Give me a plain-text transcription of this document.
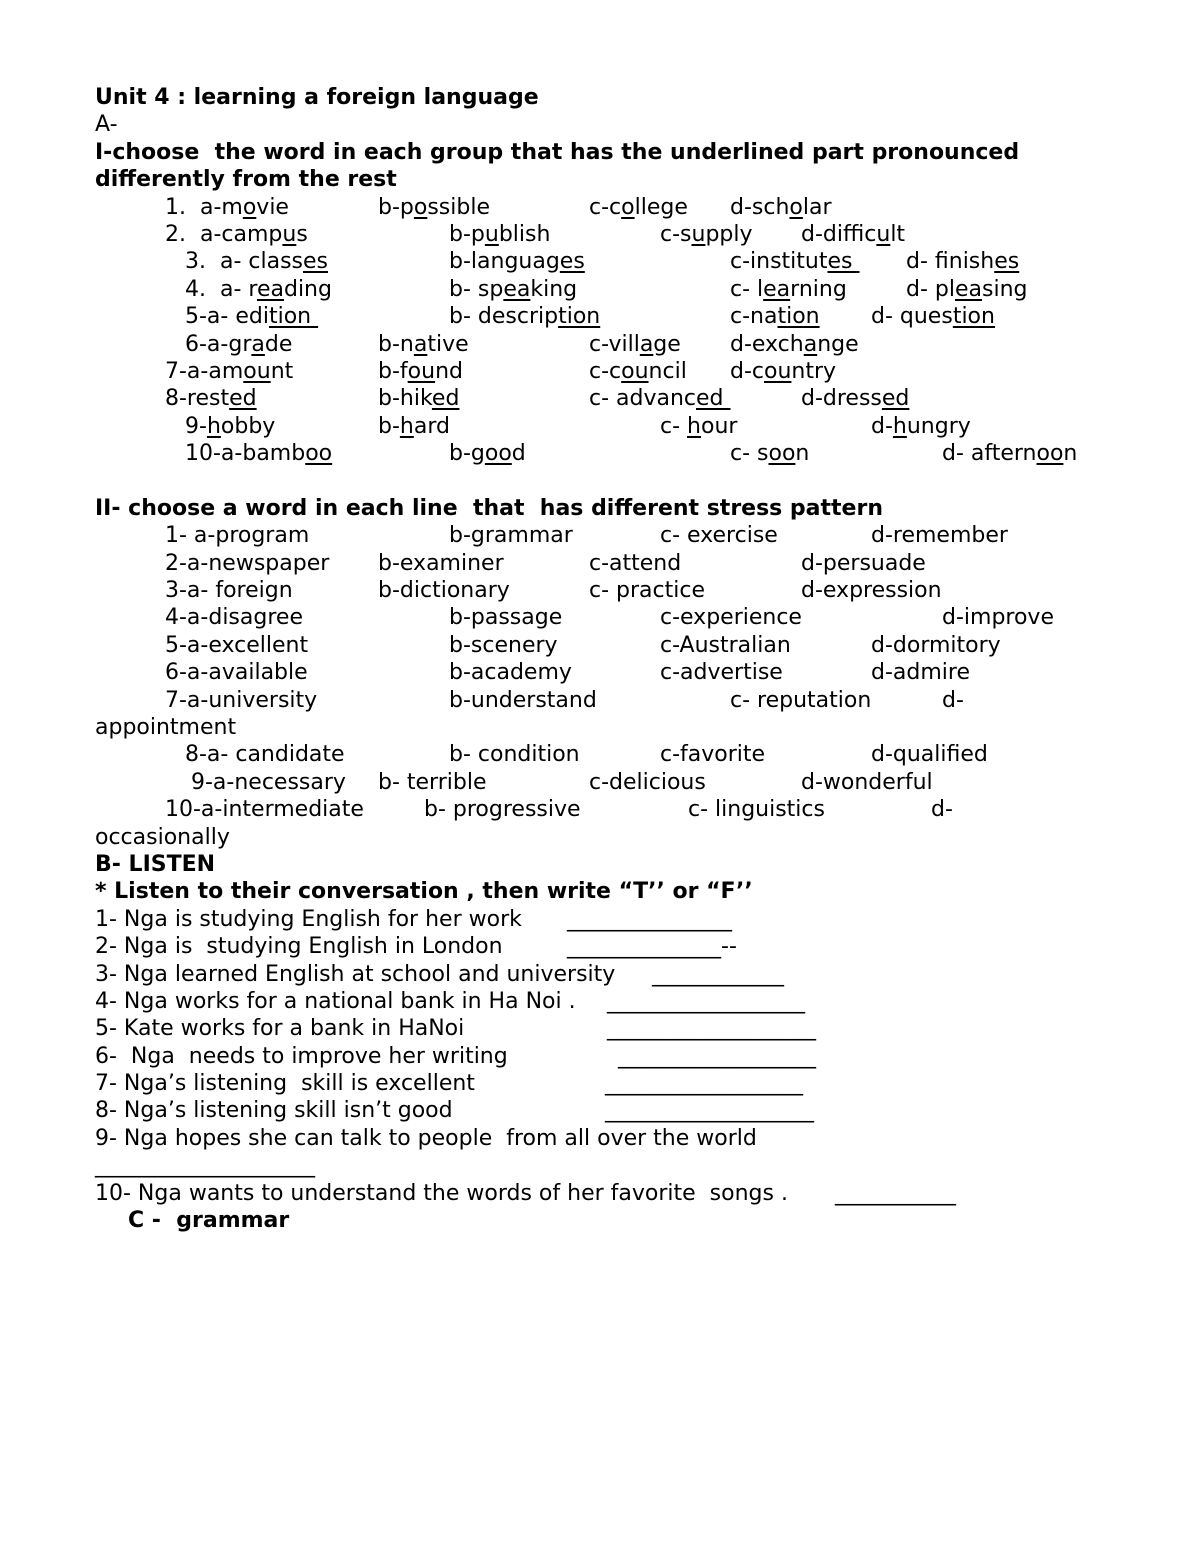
Unit 4 : learning a foreign language
A-
I-choose  the word in each group that has the underlined part pronounced
differently from the rest
1.  a-movie	b-possible	c-college d-scholar
2.  a-campus	b-publish	c-supply d-difficult
3.  a- classes	b-languages	c-institutes d- finishes
4.  a- reading	b- speaking	c- learning	d- pleasing
5-a- edition	b- description	c-nation d- question
6-a-grade	b-native	c-village d-exchange
7-a-amount	b-found	c-council d-country
8-rested	b-hiked	c- advanced	d-dressed
9-hobby	b-hard	c- hour	d-hungry
10-a-bamboo	b-good	c- soon	d- afternoon
II- choose a word in each line  that  has different stress pattern
1- a-program	b-grammar	c- exercise	d-remember
2-a-newspaper b-examiner	c-attend	d-persuade
3-a- foreign	b-dictionary	c- practice	d-expression
4-a-disagree	b-passage	c-experience	d-improve
5-a-excellent	b-scenery	c-Australian	d-dormitory
6-a-available	b-academy	c-advertise	d-admire
7-a-university	b-understand	c- reputation	d-
appointment
8-a- candidate	b- condition	c-favorite	d-qualified
9-a-necessary b- terrible	c-delicious	d-wonderful
10-a-intermediate	b- progressive	c- linguistics	d-
occasionally
B- LISTEN
* Listen to their conversation , then write “T’’ or “F’’
1- Nga is studying English for her work _______________
2- Nga is  studying English in London	______________--
3- Nga learned English at school and university ____________
4- Nga works for a national bank in Ha Noi . __________________
5- Kate works for a bank in HaNoi	___________________
6-  Nga  needs to improve her writing	__________________
7- Nga’s listening  skill is excellent	__________________
8- Nga’s listening skill isn’t good	___________________
9- Nga hopes she can talk to people  from all over the world
____________________
10- Nga wants to understand the words of her favorite  songs . ___________
C -  grammar
